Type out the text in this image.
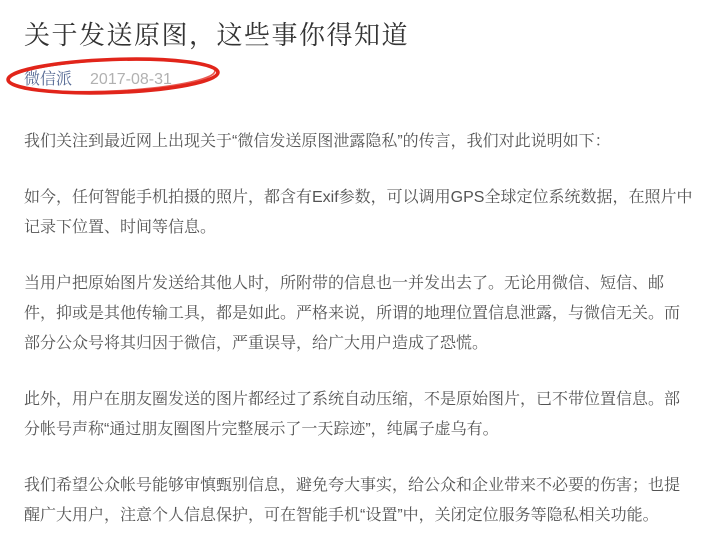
关于发送原图，这些事你得知道
微信派 2017-08-31

我们关注到最近网上出现关于“微信发送原图泄露隐私”的传言，我们对此说明如下：

如今，任何智能手机拍摄的照片，都含有Exif参数，可以调用GPS全球定位系统数据，在照片中记录下位置、时间等信息。

当用户把原始图片发送给其他人时，所附带的信息也一并发出去了。无论用微信、短信、邮件，抑或是其他传输工具，都是如此。严格来说，所谓的地理位置信息泄露，与微信无关。而部分公众号将其归因于微信，严重误导，给广大用户造成了恐慌。

此外，用户在朋友圈发送的图片都经过了系统自动压缩，不是原始图片，已不带位置信息。部分帐号声称“通过朋友圈图片完整展示了一天踪迹”，纯属子虚乌有。

我们希望公众帐号能够审慎甄别信息，避免夸大事实，给公众和企业带来不必要的伤害；也提醒广大用户，注意个人信息保护，可在智能手机“设置”中，关闭定位服务等隐私相关功能。
